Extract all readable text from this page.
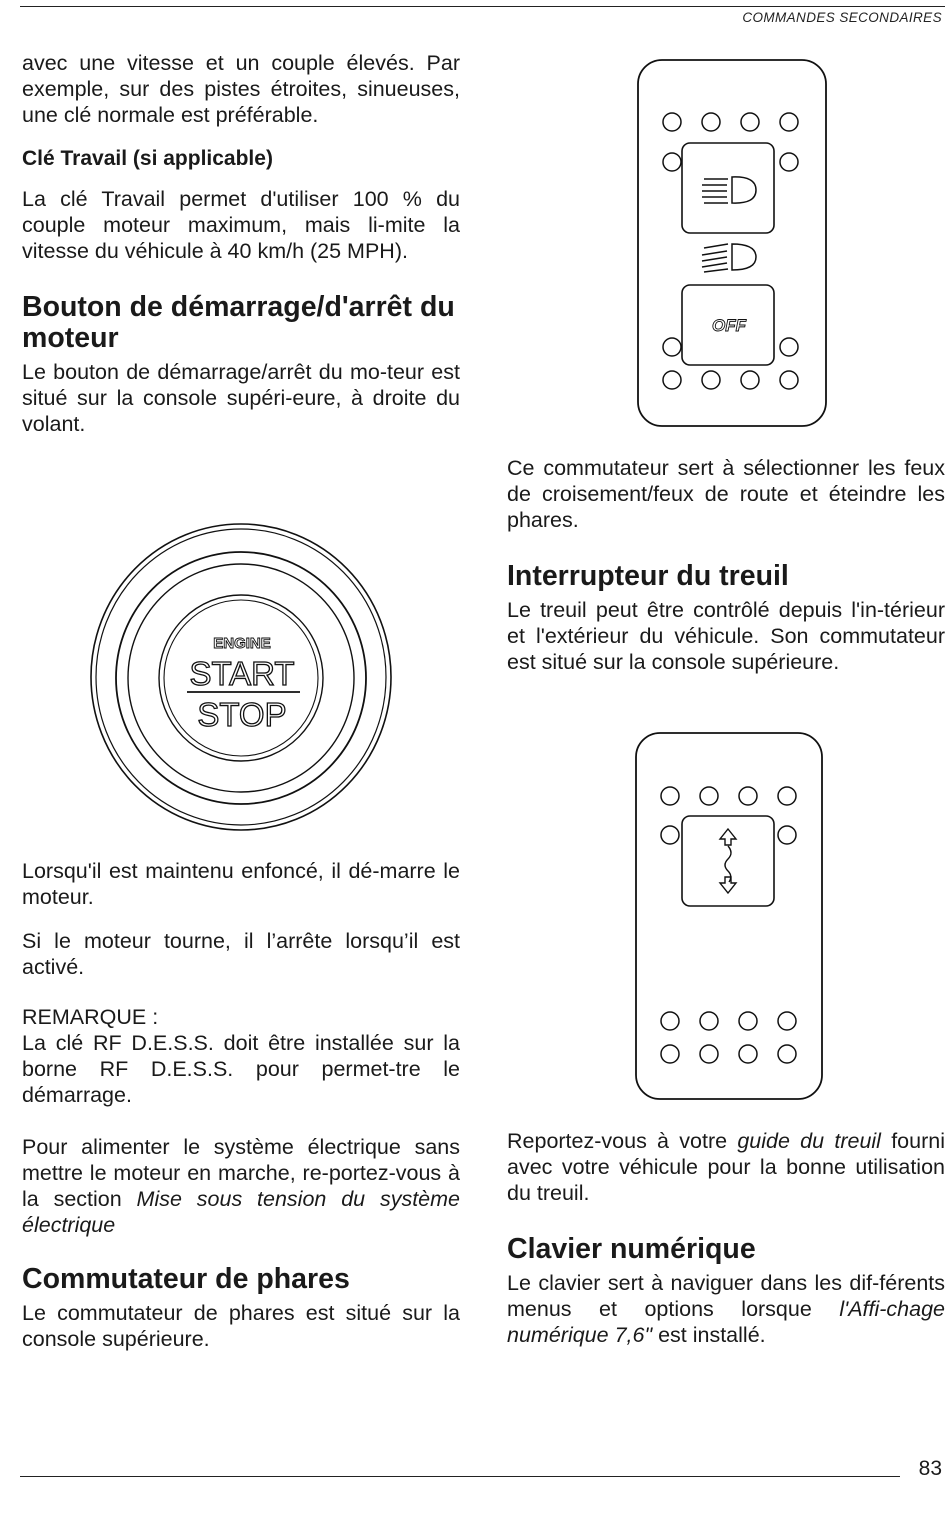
COMMANDES SECONDAIRES

avec une vitesse et un couple élevés. Par exemple, sur des pistes étroites, sinueuses, une clé normale est préférable.

Clé Travail (si applicable)

La clé Travail permet d'utiliser 100 % du couple moteur maximum, mais li-mite la vitesse du véhicule à 40 km/h (25 MPH).

Bouton de démarrage/d'arrêt du moteur

Le bouton de démarrage/arrêt du mo-teur est situé sur la console supéri-eure, à droite du volant.

ENGINE
START
STOP

Lorsqu'il est maintenu enfoncé, il dé-marre le moteur.

Si le moteur tourne, il l’arrête lorsqu’il est activé.

REMARQUE :

La clé RF D.E.S.S. doit être installée sur la borne RF D.E.S.S. pour permet-tre le démarrage.

Pour alimenter le système électrique sans mettre le moteur en marche, re-portez-vous à la section Mise sous tension du système électrique

Commutateur de phares

Le commutateur de phares est situé sur la console supérieure.

OFF

Ce commutateur sert à sélectionner les feux de croisement/feux de route et éteindre les phares.

Interrupteur du treuil

Le treuil peut être contrôlé depuis l'in-térieur et l'extérieur du véhicule. Son commutateur est situé sur la console supérieure.

Reportez-vous à votre guide du treuil fourni avec votre véhicule pour la bonne utilisation du treuil.

Clavier numérique

Le clavier sert à naviguer dans les dif-férents menus et options lorsque l'Affi-chage numérique 7,6" est installé.

83
